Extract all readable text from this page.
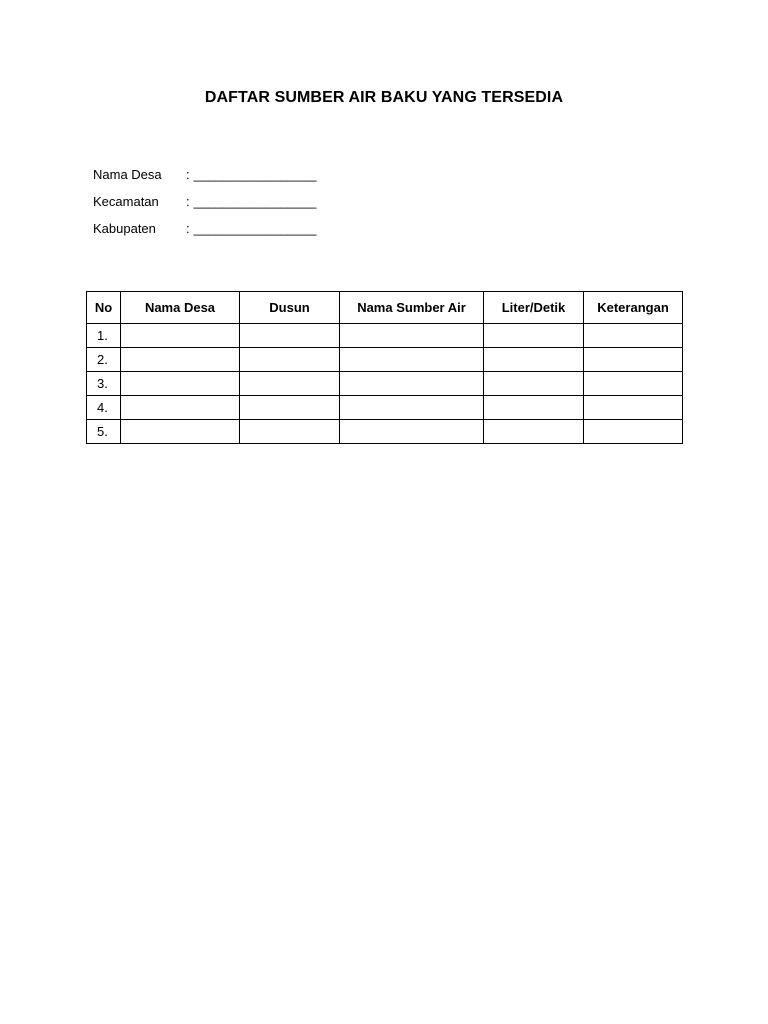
DAFTAR SUMBER AIR BAKU YANG TERSEDIA
Nama Desa : _________________
Kecamatan : _________________
Kabupaten : _________________
No	Nama Desa	Dusun	Nama Sumber Air	Liter/Detik	Keterangan
1.					
2.					
3.					
4.					
5.					
